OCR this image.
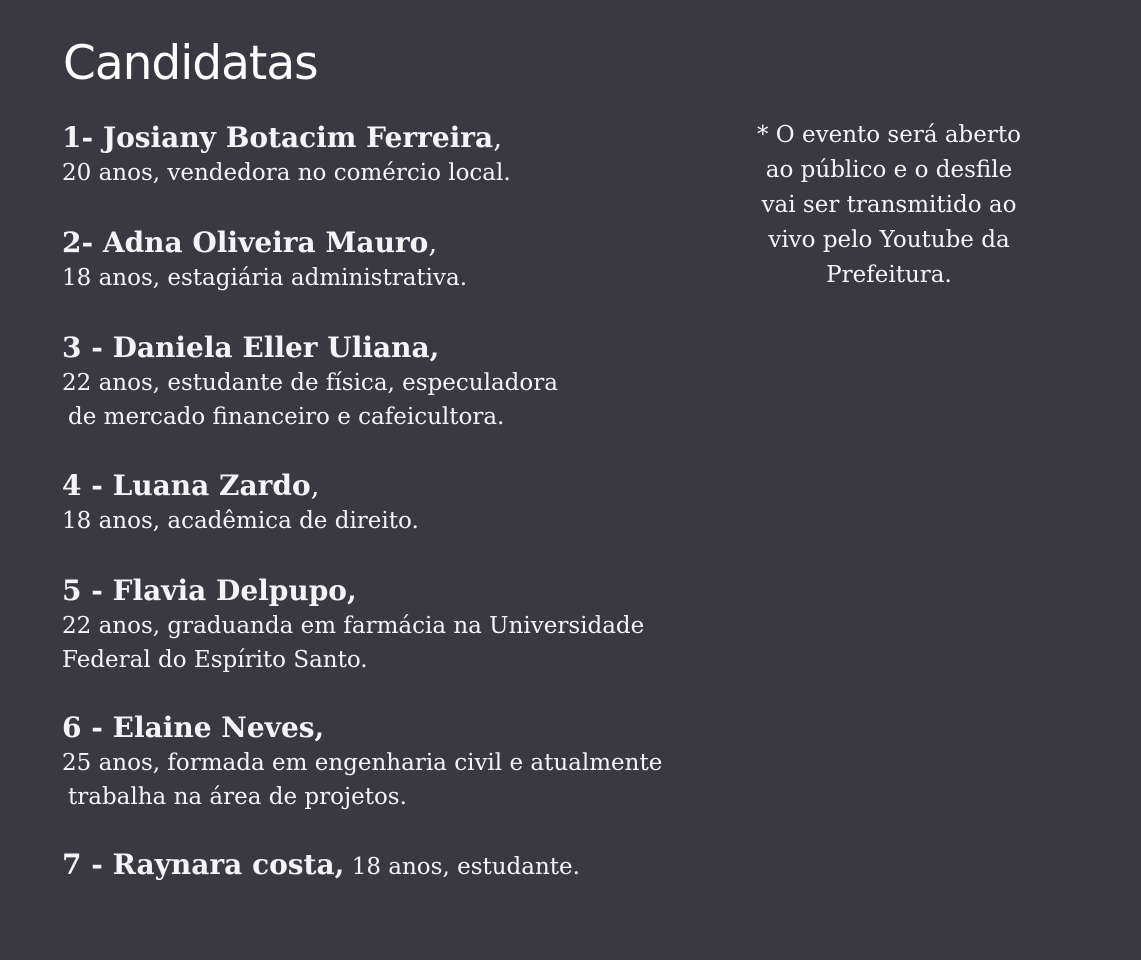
Candidatas
1- Josiany Botacim Ferreira,
20 anos, vendedora no comércio local.
2- Adna Oliveira Mauro,
18 anos, estagiária administrativa.
3 - Daniela Eller Uliana,
22 anos, estudante de física, especuladora
de mercado financeiro e cafeicultora.
4 - Luana Zardo,
18 anos, acadêmica de direito.
5 - Flavia Delpupo,
22 anos, graduanda em farmácia na Universidade
Federal do Espírito Santo.
6 - Elaine Neves,
25 anos, formada em engenharia civil e atualmente
trabalha na área de projetos.
7 - Raynara costa, 18 anos, estudante.
* O evento será aberto
ao público e o desfile
vai ser transmitido ao
vivo pelo Youtube da
Prefeitura.
